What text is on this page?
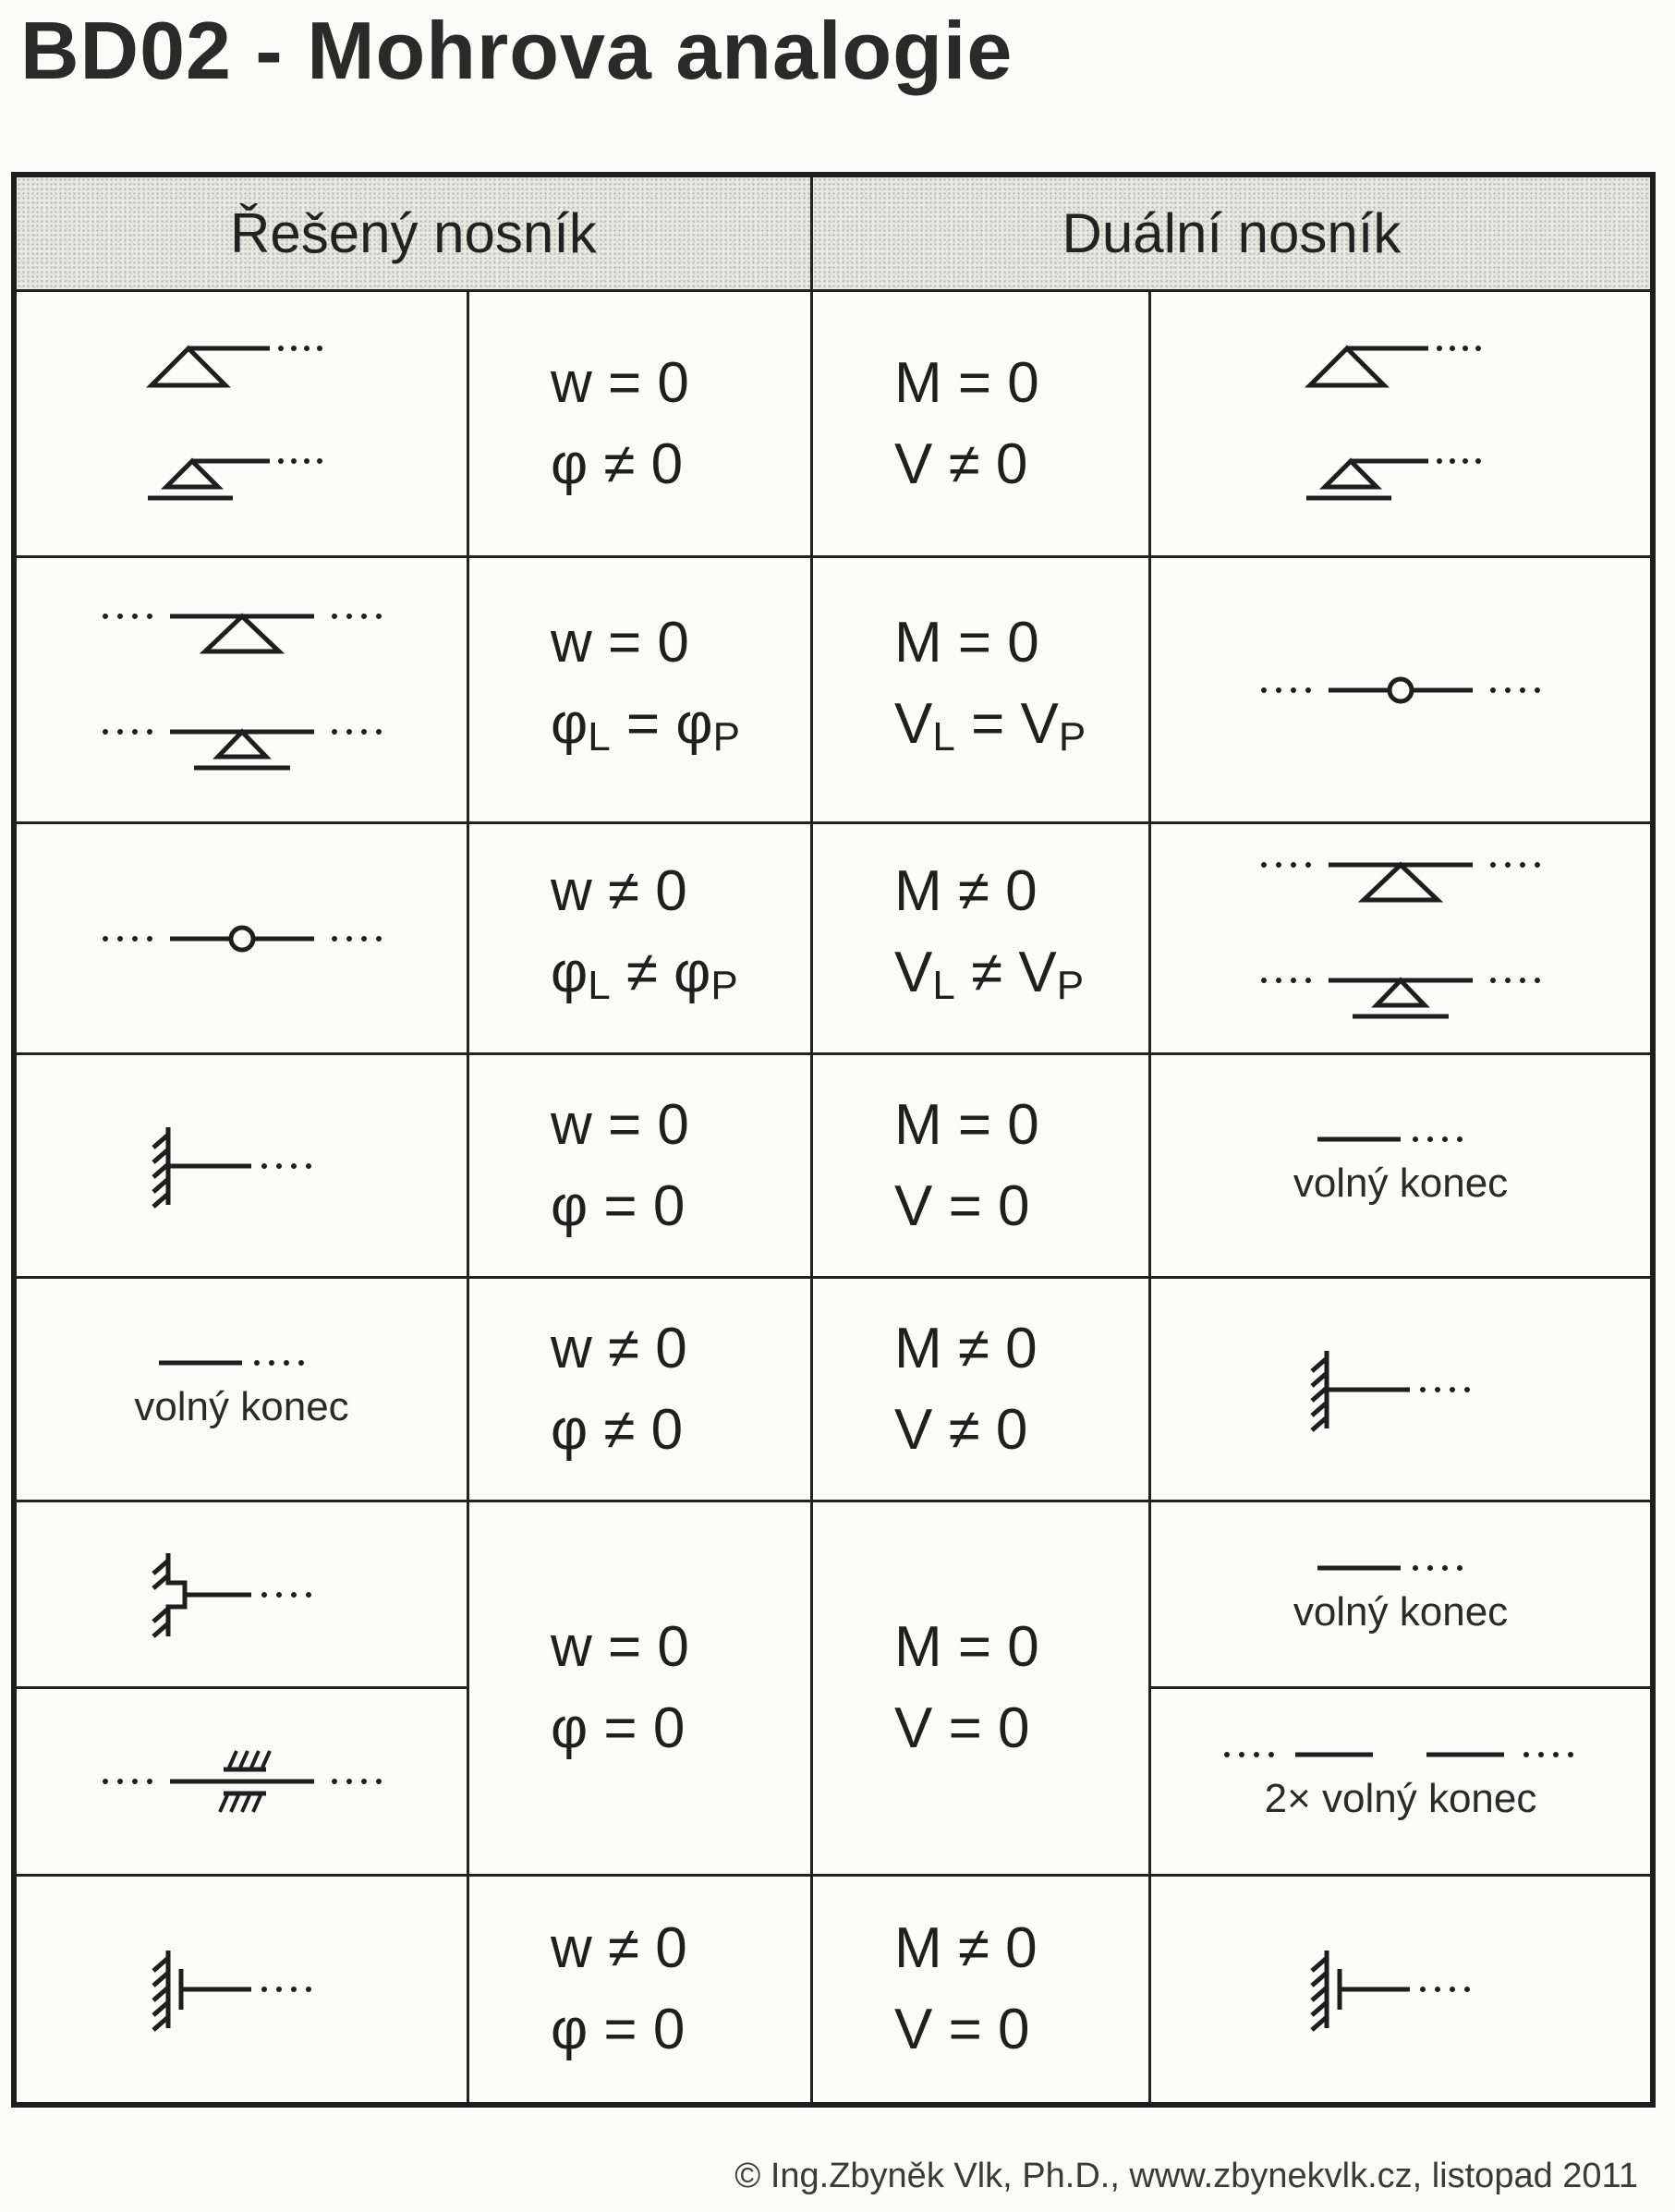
BD02 - Mohrova analogie
Řešený nosník	Duální nosník
w = 0
φ ≠ 0
M = 0
V ≠ 0
w = 0
$\varphi_L = \varphi_P$
M = 0
$V_L = V_P$
w ≠ 0
$\varphi_L \ne \varphi_P$
M ≠ 0
$V_L \ne V_P$
w = 0
φ = 0
M = 0
V = 0	volný konec
volný konec
w ≠ 0
φ ≠ 0
M ≠ 0
V ≠ 0
w = 0
φ = 0
M = 0
V = 0
volný konec
2× volný konec
w ≠ 0
φ = 0
M ≠ 0
V = 0
© Ing.Zbyněk Vlk, Ph.D., www.zbynekvlk.cz, listopad 2011
